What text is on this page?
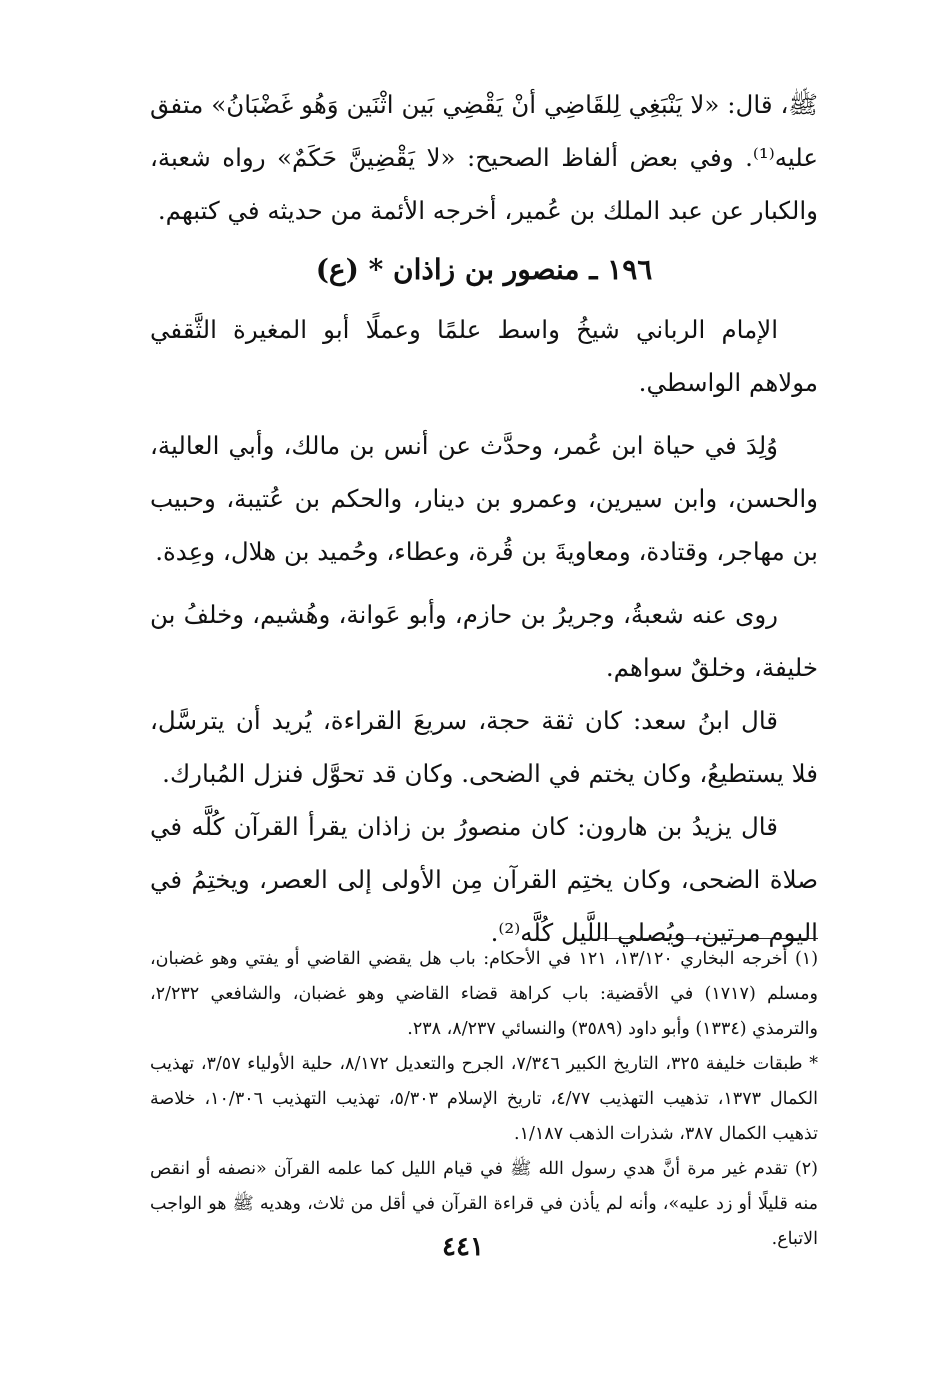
ﷺ، قال: «لا يَنْبَغِي لِلقَاضِي أنْ يَقْضِي بَين اثْنَين وَهُو غَضْبَانُ» متفق عليه⁽¹⁾. وفي بعض ألفاظ الصحيح: «لا يَقْضِينَّ حَكَمٌ» رواه شعبة، والكبار عن عبد الملك بن عُمير، أخرجه الأئمة من حديثه في كتبهم.

١٩٦ ـ منصور بن زاذان * (ع)

الإمام الرباني شيخُ واسط علمًا وعملًا أبو المغيرة الثَّقفي مولاهم الواسطي.

وُلِدَ في حياة ابن عُمر، وحدَّث عن أنس بن مالك، وأبي العالية، والحسن، وابن سيرين، وعمرو بن دينار، والحكم بن عُتيبة، وحبيب بن مهاجر، وقتادة، ومعاويةَ بن قُرة، وعطاء، وحُميد بن هلال، وعِدة.

روى عنه شعبةُ، وجريرُ بن حازم، وأبو عَوانة، وهُشيم، وخلفُ بن خليفة، وخلقٌ سواهم.

قال ابنُ سعد: كان ثقة حجة، سريعَ القراءة، يُريد أن يترسَّل، فلا يستطيعُ، وكان يختم في الضحى. وكان قد تحوَّل فنزل المُبارك.

قال يزيدُ بن هارون: كان منصورُ بن زاذان يقرأ القرآن كُلَّه في صلاة الضحى، وكان يختِم القرآن مِن الأولى إلى العصر، ويختِمُ في اليوم مرتين، ويُصلي اللَّيل كُلَّه⁽²⁾.

(١) أخرجه البخاري ١٣/١٢٠، ١٢١ في الأحكام: باب هل يقضي القاضي أو يفتي وهو غضبان، ومسلم (١٧١٧) في الأقضية: باب كراهة قضاء القاضي وهو غضبان، والشافعي ٢/٢٣٢، والترمذي (١٣٣٤) وأبو داود (٣٥٨٩) والنسائي ٨/٢٣٧، ٢٣٨.

* طبقات خليفة ٣٢٥، التاريخ الكبير ٧/٣٤٦، الجرح والتعديل ٨/١٧٢، حلية الأولياء ٣/٥٧، تهذيب الكمال ١٣٧٣، تذهيب التهذيب ٤/٧٧، تاريخ الإسلام ٥/٣٠٣، تهذيب التهذيب ١٠/٣٠٦، خلاصة تذهيب الكمال ٣٨٧، شذرات الذهب ١/١٨٧.

(٢) تقدم غير مرة أنَّ هدي رسول الله ﷺ في قيام الليل كما علمه القرآن «نصفه أو انقص منه قليلًا أو زد عليه»، وأنه لم يأذن في قراءة القرآن في أقل من ثلاث، وهديه ﷺ هو الواجب الاتباع.

٤٤١
